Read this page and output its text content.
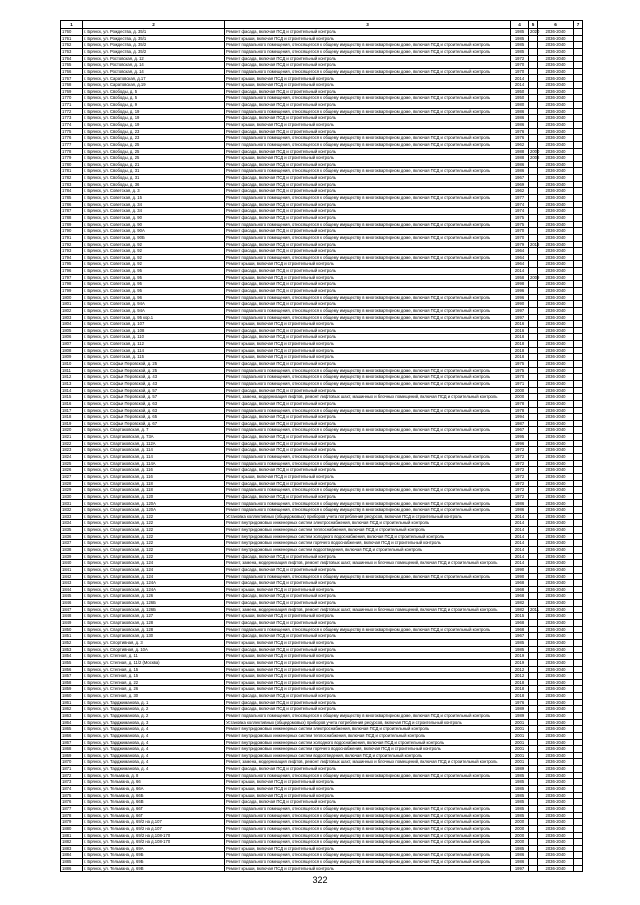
1	2	3	4	5	6	7
1760	г. Брянск, ул. Рождества, д. 35/1	Ремонт фасада, включая ПСД и строительный контроль	1985	2020	2036-2040	
1761	г. Брянск, ул. Рождества, д. 35/1	Ремонт крыши, включая ПСД и строительный контроль	1985		2036-2040	
1762	г. Брянск, ул. Рождества, д. 35/2	Ремонт подвального помещения, относящегося к общему имуществу в многоквартирном доме, включая ПСД и строительный контроль	1985		2036-2040	
1763	г. Брянск, ул. Рождества, д. 35/2	Ремонт подвального помещения, относящегося к общему имуществу в многоквартирном доме, включая ПСД и строительный контроль	1985		2036-2040	
1764	г. Брянск, ул. Ростовская, д. 12	Ремонт фасада, включая ПСД и строительный контроль	1972		2036-2040	
1765	г. Брянск, ул. Ростовская, д. 14	Ремонт фасада, включая ПСД и строительный контроль	1970		2036-2040	
1766	г. Брянск, ул. Ростовская, д. 14	Ремонт подвального помещения, относящегося к общему имуществу в многоквартирном доме, включая ПСД и строительный контроль	1970		2036-2040	
1767	г. Брянск, ул. Саратовская, д.17	Ремонт крыши, включая ПСД и строительный контроль	2014		2036-2040	
1768	г. Брянск, ул. Саратовская, д.19	Ремонт крыши, включая ПСД и строительный контроль	2014		2036-2040	
1769	г. Брянск, ул. Свободы, д. 5	Ремонт фасада, включая ПСД и строительный контроль	1950		2036-2040	
1770	г. Брянск, ул. Свободы, д. 5	Ремонт подвального помещения, относящегося к общему имуществу в многоквартирном доме, включая ПСД и строительный контроль	1950		2036-2040	
1771	г. Брянск, ул. Свободы, д. 9	Ремонт фасада, включая ПСД и строительный контроль	1980		2036-2040	
1772	г. Брянск, ул. Свободы, д. 19	Ремонт подвального помещения, относящегося к общему имуществу в многоквартирном доме, включая ПСД и строительный контроль	1986		2036-2040	
1773	г. Брянск, ул. Свободы, д. 19	Ремонт фасада, включая ПСД и строительный контроль	1986		2036-2040	
1774	г. Брянск, ул. Свободы, д. 19	Ремонт крыши, включая ПСД и строительный контроль	1986		2036-2040	
1775	г. Брянск, ул. Свободы, д. 23	Ремонт фасада, включая ПСД и строительный контроль	1976		2036-2040	
1776	г. Брянск, ул. Свободы, д. 23	Ремонт подвального помещения, относящегося к общему имуществу в многоквартирном доме, включая ПСД и строительный контроль	1976		2036-2040	
1777	г. Брянск, ул. Свободы, д. 25	Ремонт подвального помещения, относящегося к общему имуществу в многоквартирном доме, включая ПСД и строительный контроль	1962		2036-2040	
1778	г. Брянск, ул. Свободы, д. 25	Ремонт фасада, включая ПСД и строительный контроль	1988	2000	2036-2040	
1779	г. Брянск, ул. Свободы, д. 25	Ремонт крыши, включая ПСД и строительный контроль	1988	2008	2036-2040	
1780	г. Брянск, ул. Свободы, д. 21	Ремонт фасада, включая ПСД и строительный контроль	1986		2036-2040	
1781	г. Брянск, ул. Свободы, д. 31	Ремонт подвального помещения, относящегося к общему имуществу в многоквартирном доме, включая ПСД и строительный контроль	1986		2036-2040	
1782	г. Брянск, ул. Свободы, д. 31	Ремонт фасада, включая ПСД и строительный контроль	1967		2036-2040	
1783	г. Брянск, ул. Свободы, д. 36	Ремонт фасада, включая ПСД и строительный контроль	1969		2036-2040	
1784	г. Брянск, ул. Советская, д. 3	Ремонт фасада, включая ПСД и строительный контроль	1962		2036-2040	
1785	г. Брянск, ул. Советская, д. 15	Ремонт подвального помещения, относящегося к общему имуществу в многоквартирном доме, включая ПСД и строительный контроль	1977		2036-2040	
1786	г. Брянск, ул. Советская, д. 34	Ремонт фасада, включая ПСД и строительный контроль	1974		2036-2040	
1787	г. Брянск, ул. Советская, д. 34	Ремонт фасада, включая ПСД и строительный контроль	1974		2036-2040	
1788	г. Брянск, ул. Советская, д. 90	Ремонт фасада, включая ПСД и строительный контроль	1975		2036-2040	
1789	г. Брянск, ул. Советская, д. 90	Ремонт подвального помещения, относящегося к общему имуществу в многоквартирном доме, включая ПСД и строительный контроль	1975		2036-2040	
1790	г. Брянск, ул. Советская, д. 90А	Ремонт фасада, включая ПСД и строительный контроль	1970		2036-2040	
1791	г. Брянск, ул. Советская, д. 90Б	Ремонт подвального помещения, относящегося к общему имуществу в многоквартирном доме, включая ПСД и строительный контроль	1970		2036-2040	
1792	г. Брянск, ул. Советская, д. 92	Ремонт фасада, включая ПСД и строительный контроль	1979	2018	2036-2040	
1793	г. Брянск, ул. Советская, д. 92	Ремонт фасада, включая ПСД и строительный контроль	1964		2036-2040	
1794	г. Брянск, ул. Советская, д. 92	Ремонт подвального помещения, относящегося к общему имуществу в многоквартирном доме, включая ПСД и строительный контроль	1964		2036-2040	
1795	г. Брянск, ул. Советская, д. 92	Ремонт крыши, включая ПСД и строительный контроль	1964		2036-2040	
1796	г. Брянск, ул. Советская, д. 95	Ремонт фасада, включая ПСД и строительный контроль	2014		2036-2040	
1797	г. Брянск, ул. Советская, д. 95	Ремонт крыши, включая ПСД и строительный контроль	1958	2009	2036-2040	
1798	г. Брянск, ул. Советская, д. 95	Ремонт фасада, включая ПСД и строительный контроль	1998		2036-2040	
1799	г. Брянск, ул. Советская, д. 95	Ремонт фасада, включая ПСД и строительный контроль	1996		2036-2040	
1800	г. Брянск, ул. Советская, д. 96	Ремонт подвального помещения, относящегося к общему имуществу в многоквартирном доме, включая ПСД и строительный контроль	1996		2036-2040	
1801	г. Брянск, ул. Советская, д. 94А	Ремонт фасада, включая ПСД и строительный контроль	1990		2036-2040	
1802	г. Брянск, ул. Советская, д. 94А	Ремонт подвального помещения, относящегося к общему имуществу в многоквартирном доме, включая ПСД и строительный контроль	1997		2036-2040	
1803	г. Брянск, ул. Советская, д. 95 кор.1	Ремонт подвального помещения, относящегося к общему имуществу в многоквартирном доме, включая ПСД и строительный контроль	1997		2036-2040	
1804	г. Брянск, ул. Советская, д. 107	Ремонт крыши, включая ПСД и строительный контроль	2016		2036-2040	
1805	г. Брянск, ул. Советская, д. 108	Ремонт фасада, включая ПСД и строительный контроль	2016		2036-2040	
1806	г. Брянск, ул. Советская, д. 110	Ремонт фасада, включая ПСД и строительный контроль	2018		2036-2040	
1807	г. Брянск, ул. Советская, д. 112	Ремонт крыши, включая ПСД и строительный контроль	2018		2036-2040	
1808	г. Брянск, ул. Советская, д. 114	Ремонт крыши, включая ПСД и строительный контроль	2018		2036-2040	
1809	г. Брянск, ул. Советская, д. 115	Ремонт крыши, включая ПСД и строительный контроль	2018		2036-2040	
1810	г. Брянск, ул. Софьи Перовской, д. 25	Ремонт фасада, включая ПСД и строительный контроль	1975		2036-2040	
1811	г. Брянск, ул. Софьи Перовской, д. 25	Ремонт подвального помещения, относящегося к общему имуществу в многоквартирном доме, включая ПСД и строительный контроль	1975		2036-2040	
1812	г. Брянск, ул. Софьи Перовской, д. 43	Ремонт подвального помещения, относящегося к общему имуществу в многоквартирном доме, включая ПСД и строительный контроль	1970		2036-2040	
1813	г. Брянск, ул. Софьи Перовской, д. 43	Ремонт подвального помещения, относящегося к общему имуществу в многоквартирном доме, включая ПСД и строительный контроль	1971		2036-2040	
1814	г. Брянск, ул. Софьи Перовской, д. 57	Ремонт фасада, включая ПСД и строительный контроль	2000		2036-2040	
1815	г. Брянск, ул. Софьи Перовской, д. 57	Ремонт, замена, модернизация лифтов, ремонт лифтовых шахт, машинных и блочных помещений, включая ПСД и строительный контроль	2000		2036-2040	
1816	г. Брянск, ул. Софьи Перовской, д. 63	Ремонт фасада, включая ПСД и строительный контроль	1978		2036-2040	
1817	г. Брянск, ул. Софьи Перовской, д. 63	Ремонт подвального помещения, относящегося к общему имуществу в многоквартирном доме, включая ПСД и строительный контроль	1978		2036-2040	
1818	г. Брянск, ул. Софьи Перовской, д. 65	Ремонт фасада, включая ПСД и строительный контроль	1994		2036-2040	
1819	г. Брянск, ул. Софьи Перовской, д. 67	Ремонт фасада, включая ПСД и строительный контроль	1987		2036-2040	
1820	г. Брянск, ул. Спартаковская, д. 7	Ремонт подвального помещения, относящегося к общему имуществу в многоквартирном доме, включая ПСД и строительный контроль	1967		2036-2040	
1821	г. Брянск, ул. Спартаковская, д. 73А	Ремонт фасада, включая ПСД и строительный контроль	1995		2036-2040	
1822	г. Брянск, ул. Спартаковская, д. 112А	Ремонт фасада, включая ПСД и строительный контроль	1996		2036-2040	
1823	г. Брянск, ул. Спартаковская, д. 114	Ремонт фасада, включая ПСД и строительный контроль	1972		2036-2040	
1824	г. Брянск, ул. Спартаковская, д. 114	Ремонт подвального помещения, относящегося к общему имуществу в многоквартирном доме, включая ПСД и строительный контроль	1972		2036-2040	
1825	г. Брянск, ул. Спартаковская, д. 114А	Ремонт подвального помещения, относящегося к общему имуществу в многоквартирном доме, включая ПСД и строительный контроль	1972		2036-2040	
1826	г. Брянск, ул. Спартаковская, д. 116	Ремонт фасада, включая ПСД и строительный контроль	1972		2036-2040	
1827	г. Брянск, ул. Спартаковская, д. 116	Ремонт крыши, включая ПСД и строительный контроль	1972		2036-2040	
1828	г. Брянск, ул. Спартаковская, д. 118	Ремонт фасада, включая ПСД и строительный контроль	1972		2036-2040	
1829	г. Брянск, ул. Спартаковская, д. 118	Ремонт подвального помещения, относящегося к общему имуществу в многоквартирном доме, включая ПСД и строительный контроль	1972		2036-2040	
1830	г. Брянск, ул. Спартаковская, д. 120	Ремонт фасада, включая ПСД и строительный контроль	1972		2036-2040	
1831	г. Брянск, ул. Спартаковская, д. 120А	Ремонт подвального помещения, относящегося к общему имуществу в многоквартирном доме, включая ПСД и строительный контроль	1986		2036-2040	
1832	г. Брянск, ул. Спартаковская, д. 120А	Ремонт подвального помещения, относящегося к общему имуществу в многоквартирном доме, включая ПСД и строительный контроль	1986		2036-2040	
1833	г. Брянск, ул. Спартаковская, д. 122	Установка коллективных (общедомовых) приборов учета потребления ресурсов, включая ПСД и строительный контроль	2014		2036-2040	
1834	г. Брянск, ул. Спартаковская, д. 122	Ремонт внутридомовых инженерных систем электроснабжения, включая ПСД и строительный контроль	2014		2036-2040	
1835	г. Брянск, ул. Спартаковская, д. 122	Ремонт внутридомовых инженерных систем теплоснабжения, включая ПСД и строительный контроль	2014		2036-2040	
1836	г. Брянск, ул. Спартаковская, д. 122	Ремонт внутридомовых инженерных систем холодного водоснабжения, включая ПСД и строительный контроль	2014		2036-2040	
1837	г. Брянск, ул. Спартаковская, д. 122	Ремонт внутридомовых инженерных систем горячего водоснабжения, включая ПСД и строительный контроль	2014		2036-2040	
1838	г. Брянск, ул. Спартаковская, д. 122	Ремонт внутридомовых инженерных систем водоотведения, включая ПСД и строительный контроль	2014		2036-2040	
1839	г. Брянск, ул. Спартаковская, д. 122	Ремонт фасада, включая ПСД и строительный контроль	2014		2036-2040	
1840	г. Брянск, ул. Спартаковская, д. 124	Ремонт, замена, модернизация лифтов, ремонт лифтовых шахт, машинных и блочных помещений, включая ПСД и строительный контроль	2014		2036-2040	
1841	г. Брянск, ул. Спартаковская, д. 124	Ремонт фасада, включая ПСД и строительный контроль	1990		2036-2040	
1842	г. Брянск, ул. Спартаковская, д. 124	Ремонт подвального помещения, относящегося к общему имуществу в многоквартирном доме, включая ПСД и строительный контроль	1990		2036-2040	
1843	г. Брянск, ул. Спартаковская, д. 124А	Ремонт фасада, включая ПСД и строительный контроль	1968		2036-2040	
1844	г. Брянск, ул. Спартаковская, д. 124А	Ремонт крыши, включая ПСД и строительный контроль	1968		2036-2040	
1845	г. Брянск, ул. Спартаковская, д. 126	Ремонт фасада, включая ПСД и строительный контроль	1968		2036-2040	
1846	г. Брянск, ул. Спартаковская, д. 126Б	Ремонт фасада, включая ПСД и строительный контроль	1982		2036-2040	
1847	г. Брянск, ул. Спартаковская, д. 126Б	Ремонт, замена, модернизация лифтов, ремонт лифтовых шахт, машинных и блочных помещений, включая ПСД и строительный контроль	1982	2011	2036-2040	
1848	г. Брянск, ул. Спартаковская, д. 127	Ремонт крыши, включая ПСД и строительный контроль	2015		2036-2040	
1849	г. Брянск, ул. Спартаковская, д. 128	Ремонт фасада, включая ПСД и строительный контроль	1968		2036-2040	
1850	г. Брянск, ул. Спартаковская, д. 128	Ремонт подвального помещения, относящегося к общему имуществу в многоквартирном доме, включая ПСД и строительный контроль	1968		2036-2040	
1851	г. Брянск, ул. Спартаковская, д. 130	Ремонт фасада, включая ПСД и строительный контроль	1967		2036-2040	
1852	г. Брянск, ул. Спортивная, д. 3	Ремонт крыши, включая ПСД и строительный контроль	1985		2036-2040	
1853	г. Брянск, ул. Спортивная, д. 10А	Ремонт фасада, включая ПСД и строительный контроль	1985		2036-2040	
1854	г. Брянск, ул. Степная, д. 11	Ремонт крыши, включая ПСД и строительный контроль	2019		2036-2040	
1855	г. Брянск, ул. Степная, д. 11/2 (Москва)	Ремонт крыши, включая ПСД и строительный контроль	2019		2036-2040	
1856	г. Брянск, ул. Степная, д. 15	Ремонт крыши, включая ПСД и строительный контроль	2012		2036-2040	
1857	г. Брянск, ул. Степная, д. 15	Ремонт крыши, включая ПСД и строительный контроль	2012		2036-2040	
1858	г. Брянск, ул. Степная, д. 22	Ремонт крыши, включая ПСД и строительный контроль	2018		2036-2040	
1859	г. Брянск, ул. Степная, д. 26	Ремонт крыши, включая ПСД и строительный контроль	2018		2036-2040	
1860	г. Брянск, ул. Степная, д. 30	Ремонт фасада, включая ПСД и строительный контроль	2018		2036-2040	
1861	г. Брянск, ул. Тарджиманова, д. 1	Ремонт фасада, включая ПСД и строительный контроль	1976		2036-2040	
1862	г. Брянск, ул. Тарджиманова, д. 2	Ремонт фасада, включая ПСД и строительный контроль	1989		2036-2040	
1863	г. Брянск, ул. Тарджиманова, д. 2	Ремонт подвального помещения, относящегося к общему имуществу в многоквартирном доме, включая ПСД и строительный контроль	1989		2036-2040	
1864	г. Брянск, ул. Тарджиманова, д. 3	Установка коллективных (общедомовых) приборов учета потребления ресурсов, включая ПСД и строительный контроль	2001		2036-2040	
1865	г. Брянск, ул. Тарджиманова, д. 4	Ремонт внутридомовых инженерных систем электроснабжения, включая ПСД и строительный контроль	2001		2036-2040	
1866	г. Брянск, ул. Тарджиманова, д. 4	Ремонт внутридомовых инженерных систем теплоснабжения, включая ПСД и строительный контроль	2001		2036-2040	
1867	г. Брянск, ул. Тарджиманова, д. 4	Ремонт внутридомовых инженерных систем холодного водоснабжения, включая ПСД и строительный контроль	2001		2036-2040	
1868	г. Брянск, ул. Тарджиманова, д. 4	Ремонт внутридомовых инженерных систем горячего водоснабжения, включая ПСД и строительный контроль	2001		2036-2040	
1869	г. Брянск, ул. Тарджиманова, д. 4	Ремонт внутридомовых инженерных систем водоотведения, включая ПСД и строительный контроль	2001		2036-2040	
1870	г. Брянск, ул. Тарджиманова, д. 4	Ремонт, замена, модернизация лифтов, ремонт лифтовых шахт, машинных и блочных помещений, включая ПСД и строительный контроль	2001		2036-2040	
1871	г. Брянск, ул. Тарджиманова, д. 4	Ремонт фасада, включая ПСД и строительный контроль	1989		2036-2040	
1872	г. Брянск, ул. Тельмана, д. 8	Ремонт подвального помещения, относящегося к общему имуществу в многоквартирном доме, включая ПСД и строительный контроль	1985		2036-2040	
1873	г. Брянск, ул. Тельмана, д. 66	Ремонт крыши, включая ПСД и строительный контроль	1985		2036-2040	
1874	г. Брянск, ул. Тельмана, д. 66А	Ремонт крыши, включая ПСД и строительный контроль	1985		2036-2040	
1875	г. Брянск, ул. Тельмана, д. 66Б	Ремонт крыши, включая ПСД и строительный контроль	1985		2036-2040	
1876	г. Брянск, ул. Тельмана, д. 66В	Ремонт фасада, включая ПСД и строительный контроль	1985		2036-2040	
1877	г. Брянск, ул. Тельмана, д. 66Г	Ремонт подвального помещения, относящегося к общему имуществу в многоквартирном доме, включая ПСД и строительный контроль	1985		2036-2040	
1878	г. Брянск, ул. Тельмана, д. 66Г	Ремонт подвального помещения, относящегося к общему имуществу в многоквартирном доме, включая ПСД и строительный контроль	1985		2036-2040	
1879	г. Брянск, ул. Тельмана, д. 69/2 на д.107	Ремонт подвального помещения, относящегося к общему имуществу в многоквартирном доме, включая ПСД и строительный контроль	2000		2036-2040	
1880	г. Брянск, ул. Тельмана, д. 69/2 на д.107	Ремонт подвального помещения, относящегося к общему имуществу в многоквартирном доме, включая ПСД и строительный контроль	2000		2036-2040	
1881	г. Брянск, ул. Тельмана, д. 69/2 на д.108-170	Ремонт подвального помещения, относящегося к общему имуществу в многоквартирном доме, включая ПСД и строительный контроль	2000		2036-2040	
1882	г. Брянск, ул. Тельмана, д. 69/2 на д.108-170	Ремонт подвального помещения, относящегося к общему имуществу в многоквартирном доме, включая ПСД и строительный контроль	2000		2036-2040	
1883	г. Брянск, ул. Тельмана, д. 69А	Ремонт крыши, включая ПСД и строительный контроль	1985		2036-2040	
1884	г. Брянск, ул. Тельмана, д. 69Б	Ремонт подвального помещения, относящегося к общему имуществу в многоквартирном доме, включая ПСД и строительный контроль	1986		2036-2040	
1885	г. Брянск, ул. Тельмана, д. 69Б	Ремонт подвального помещения, относящегося к общему имуществу в многоквартирном доме, включая ПСД и строительный контроль	1986		2036-2040	
1886	г. Брянск, ул. Тельмана, д. 69В	Ремонт крыши, включая ПСД и строительный контроль	1997		2036-2040	
322
